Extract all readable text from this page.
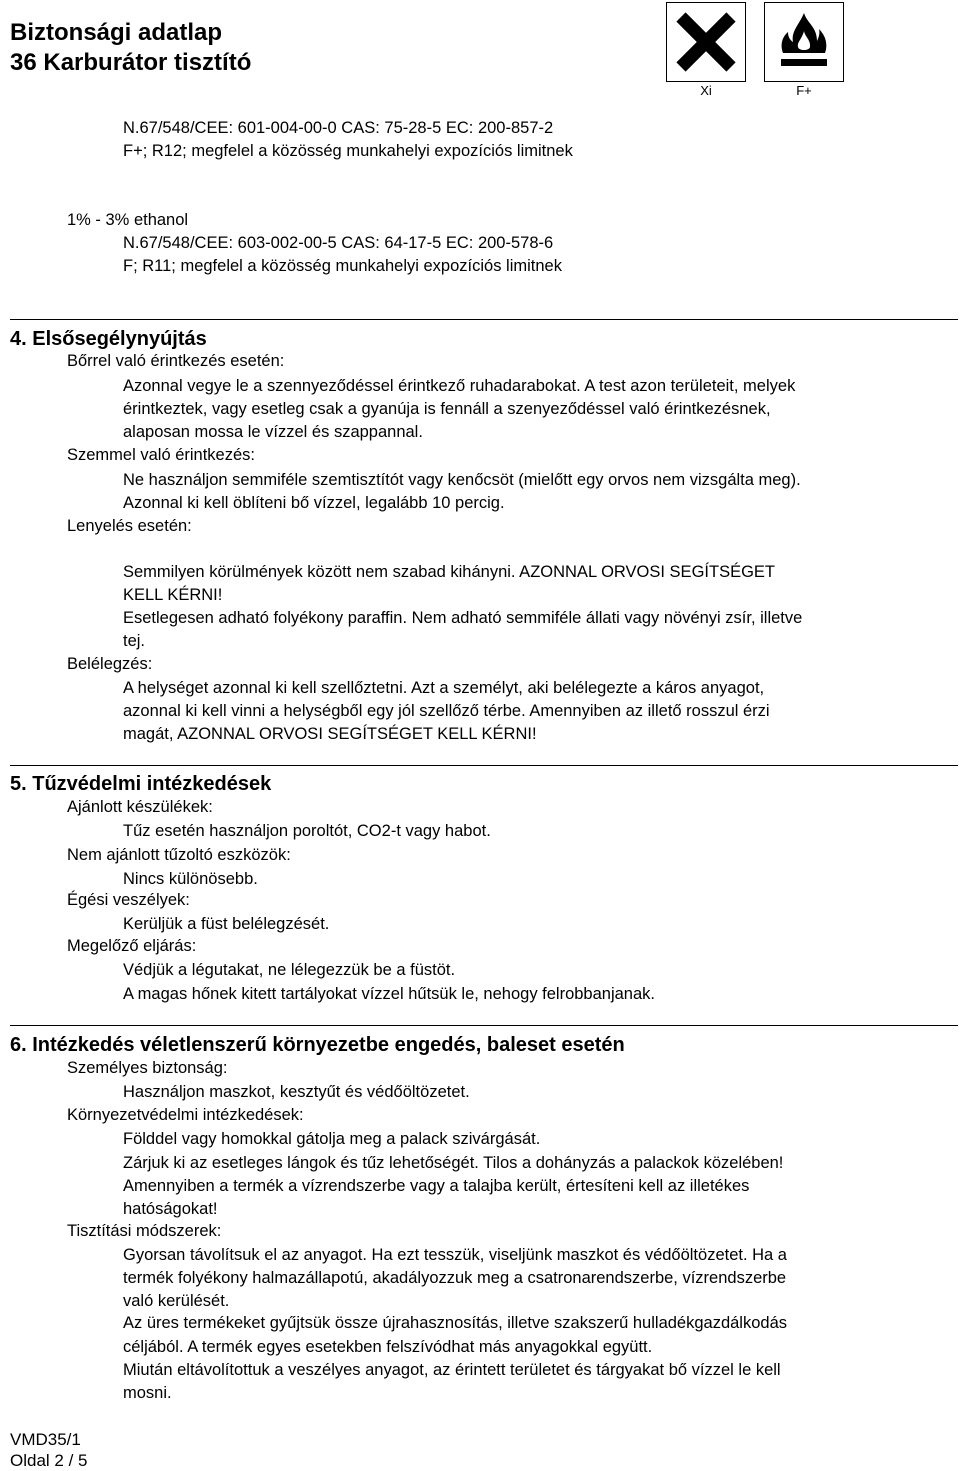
Biztonsági adatlap
36 Karburátor tisztító
Xi	F+
N.67/548/CEE: 601-004-00-0 CAS: 75-28-5 EC: 200-857-2
F+; R12; megfelel a közösség munkahelyi expozíciós limitnek
1% - 3% ethanol
N.67/548/CEE: 603-002-00-5 CAS: 64-17-5 EC: 200-578-6
F; R11; megfelel a közösség munkahelyi expozíciós limitnek
4. Elsősegélynyújtás
Bőrrel való érintkezés esetén:
Azonnal vegye le a szennyeződéssel érintkező ruhadarabokat. A test azon területeit, melyek
érintkeztek, vagy esetleg csak a gyanúja is fennáll a szenyeződéssel való érintkezésnek,
alaposan mossa le vízzel és szappannal.
Szemmel való érintkezés:
Ne használjon semmiféle szemtisztítót vagy kenőcsöt (mielőtt egy orvos nem vizsgálta meg).
Azonnal ki kell öblíteni bő vízzel, legalább 10 percig.
Lenyelés esetén:
Semmilyen körülmények között nem szabad kihányni. AZONNAL ORVOSI SEGÍTSÉGET
KELL KÉRNI!
Esetlegesen adható folyékony paraffin. Nem adható semmiféle állati vagy növényi zsír, illetve
tej.
Belélegzés:
A helységet azonnal ki kell szellőztetni. Azt a személyt, aki belélegezte a káros anyagot,
azonnal ki kell vinni a helységből egy jól szellőző térbe. Amennyiben az illető rosszul érzi
magát, AZONNAL ORVOSI SEGÍTSÉGET KELL KÉRNI!
5. Tűzvédelmi intézkedések
Ajánlott készülékek:
Tűz esetén használjon poroltót, CO2-t vagy habot.
Nem ajánlott tűzoltó eszközök:
Nincs különösebb.
Égési veszélyek:
Kerüljük a füst belélegzését.
Megelőző eljárás:
Védjük a légutakat, ne lélegezzük be a füstöt.
A magas hőnek kitett tartályokat vízzel hűtsük le, nehogy felrobbanjanak.
6. Intézkedés véletlenszerű környezetbe engedés, baleset esetén
Személyes biztonság:
Használjon maszkot, kesztyűt és védőöltözetet.
Környezetvédelmi intézkedések:
Földdel vagy homokkal gátolja meg a palack szivárgását.
Zárjuk ki az esetleges lángok és tűz lehetőségét. Tilos a dohányzás a palackok közelében!
Amennyiben a termék a vízrendszerbe vagy a talajba került, értesíteni kell az illetékes
hatóságokat!
Tisztítási módszerek:
Gyorsan távolítsuk el az anyagot. Ha ezt tesszük, viseljünk maszkot és védőöltözetet. Ha a
termék folyékony halmazállapotú, akadályozzuk meg a csatronarendszerbe, vízrendszerbe
való kerülését.
Az üres termékeket gyűjtsük össze újrahasznosítás, illetve szakszerű hulladékgazdálkodás
céljából. A termék egyes esetekben felszívódhat más anyagokkal együtt.
Miután eltávolítottuk a veszélyes anyagot, az érintett területet és tárgyakat bő vízzel le kell
mosni.
VMD35/1
Oldal 2 / 5
